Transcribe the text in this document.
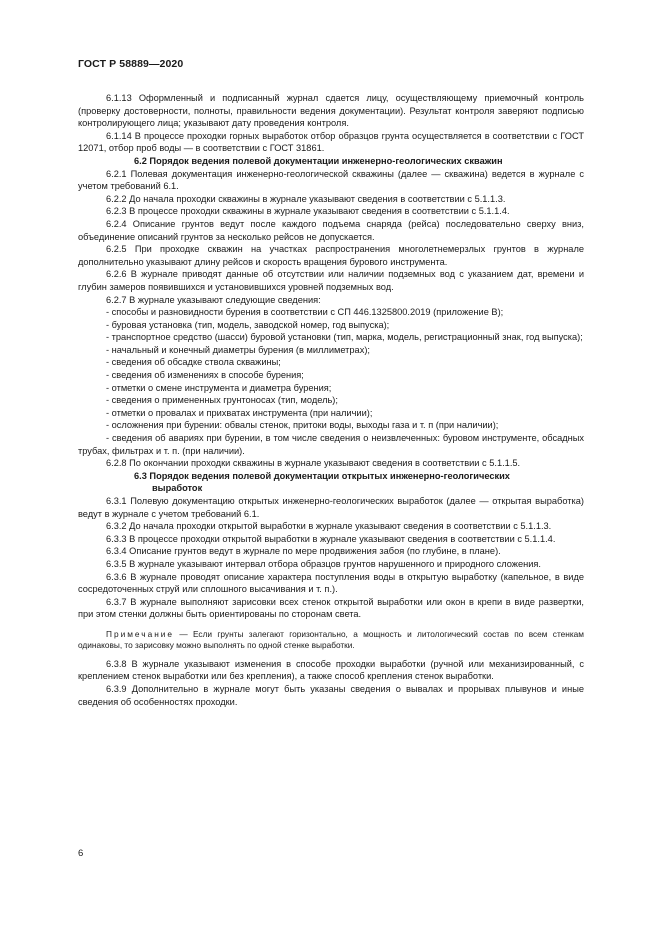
ГОСТ Р 58889—2020

6.1.13 Оформленный и подписанный журнал сдается лицу, осуществляющему приемочный контроль (проверку достоверности, полноты, правильности ведения документации). Результат контроля заверяют подписью контролирующего лица; указывают дату проведения контроля.

6.1.14 В процессе проходки горных выработок отбор образцов грунта осуществляется в соответствии с ГОСТ 12071, отбор проб воды — в соответствии с ГОСТ 31861.

6.2 Порядок ведения полевой документации инженерно-геологических скважин

6.2.1 Полевая документация инженерно-геологической скважины (далее — скважина) ведется в журнале с учетом требований 6.1.

6.2.2 До начала проходки скважины в журнале указывают сведения в соответствии с 5.1.1.3.

6.2.3 В процессе проходки скважины в журнале указывают сведения в соответствии с 5.1.1.4.

6.2.4 Описание грунтов ведут после каждого подъема снаряда (рейса) последовательно сверху вниз, объединение описаний грунтов за несколько рейсов не допускается.

6.2.5 При проходке скважин на участках распространения многолетнемерзлых грунтов в журнале дополнительно указывают длину рейсов и скорость вращения бурового инструмента.

6.2.6 В журнале приводят данные об отсутствии или наличии подземных вод с указанием дат, времени и глубин замеров появившихся и установившихся уровней подземных вод.

6.2.7 В журнале указывают следующие сведения:

- способы и разновидности бурения в соответствии с СП 446.1325800.2019 (приложение В);

- буровая установка (тип, модель, заводской номер, год выпуска);

- транспортное средство (шасси) буровой установки (тип, марка, модель, регистрационный знак, год выпуска);

- начальный и конечный диаметры бурения (в миллиметрах);

- сведения об обсадке ствола скважины;

- сведения об изменениях в способе бурения;

- отметки о смене инструмента и диаметра бурения;

- сведения о примененных грунтоносах (тип, модель);

- отметки о провалах и прихватах инструмента (при наличии);

- осложнения при бурении: обвалы стенок, притоки воды, выходы газа и т. п (при наличии);

- сведения об авариях при бурении, в том числе сведения о неизвлеченных: буровом инструменте, обсадных трубах, фильтрах и т. п. (при наличии).

6.2.8 По окончании проходки скважины в журнале указывают сведения в соответствии с 5.1.1.5.

6.3 Порядок ведения полевой документации открытых инженерно-геологических
выработок

6.3.1 Полевую документацию открытых инженерно-геологических выработок (далее — открытая выработка) ведут в журнале с учетом требований 6.1.

6.3.2 До начала проходки открытой выработки в журнале указывают сведения в соответствии с 5.1.1.3.

6.3.3 В процессе проходки открытой выработки в журнале указывают сведения в соответствии с 5.1.1.4.

6.3.4 Описание грунтов ведут в журнале по мере продвижения забоя (по глубине, в плане).

6.3.5 В журнале указывают интервал отбора образцов грунтов нарушенного и природного сложения.

6.3.6 В журнале проводят описание характера поступления воды в открытую выработку (капельное, в виде сосредоточенных струй или сплошного высачивания и т. п.).

6.3.7 В журнале выполняют зарисовки всех стенок открытой выработки или окон в крепи в виде развертки, при этом стенки должны быть ориентированы по сторонам света.

Примечание — Если грунты залегают горизонтально, а мощность и литологический состав по всем стенкам одинаковы, то зарисовку можно выполнять по одной стенке выработки.

6.3.8 В журнале указывают изменения в способе проходки выработки (ручной или механизированный, с креплением стенок выработки или без крепления), а также способ крепления стенок выработки.

6.3.9 Дополнительно в журнале могут быть указаны сведения о вывалах и прорывах плывунов и иные сведения об особенностях проходки.

6
